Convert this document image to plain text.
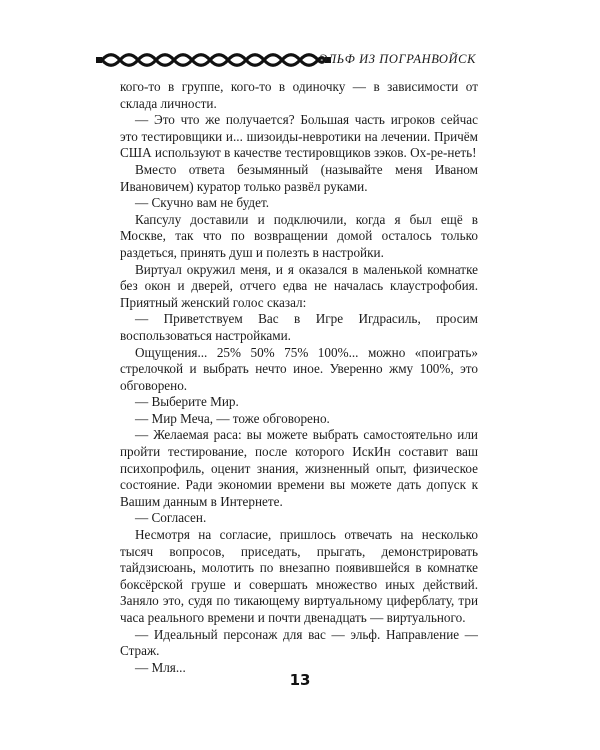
ЭЛЬФ ИЗ ПОГРАНВОЙСК

кого-то в группе, кого-то в одиночку — в зависимости от склада личности.

— Это что же получается? Большая часть игроков сейчас это тестировщики и... шизоиды-невротики на лечении. Причём США используют в качестве тестировщиков зэков. Ох-ре-неть!

Вместо ответа безымянный (называйте меня Иваном Ивановичем) куратор только развёл руками.

— Скучно вам не будет.

Капсулу доставили и подключили, когда я был ещё в Москве, так что по возвращении домой осталось только раздеться, принять душ и полезть в настройки.

Виртуал окружил меня, и я оказался в маленькой комнатке без окон и дверей, отчего едва не началась клаустрофобия. Приятный женский голос сказал:

— Приветствуем Вас в Игре Игдрасиль, просим воспользоваться настройками.

Ощущения... 25% 50% 75% 100%... можно «поиграть» стрелочкой и выбрать нечто иное. Уверенно жму 100%, это обговорено.

— Выберите Мир.

— Мир Меча, — тоже обговорено.

— Желаемая раса: вы можете выбрать самостоятельно или пройти тестирование, после которого ИскИн составит ваш психопрофиль, оценит знания, жизненный опыт, физическое состояние. Ради экономии времени вы можете дать допуск к Вашим данным в Интернете.

— Согласен.

Несмотря на согласие, пришлось отвечать на несколько тысяч вопросов, приседать, прыгать, демонстрировать тайдзисюань, молотить по внезапно появившейся в комнатке боксёрской груше и совершать множество иных действий. Заняло это, судя по тикающему виртуальному циферблату, три часа реального времени и почти двенадцать — виртуального.

— Идеальный персонаж для вас — эльф. Направление — Страж.

— Мля...

13
